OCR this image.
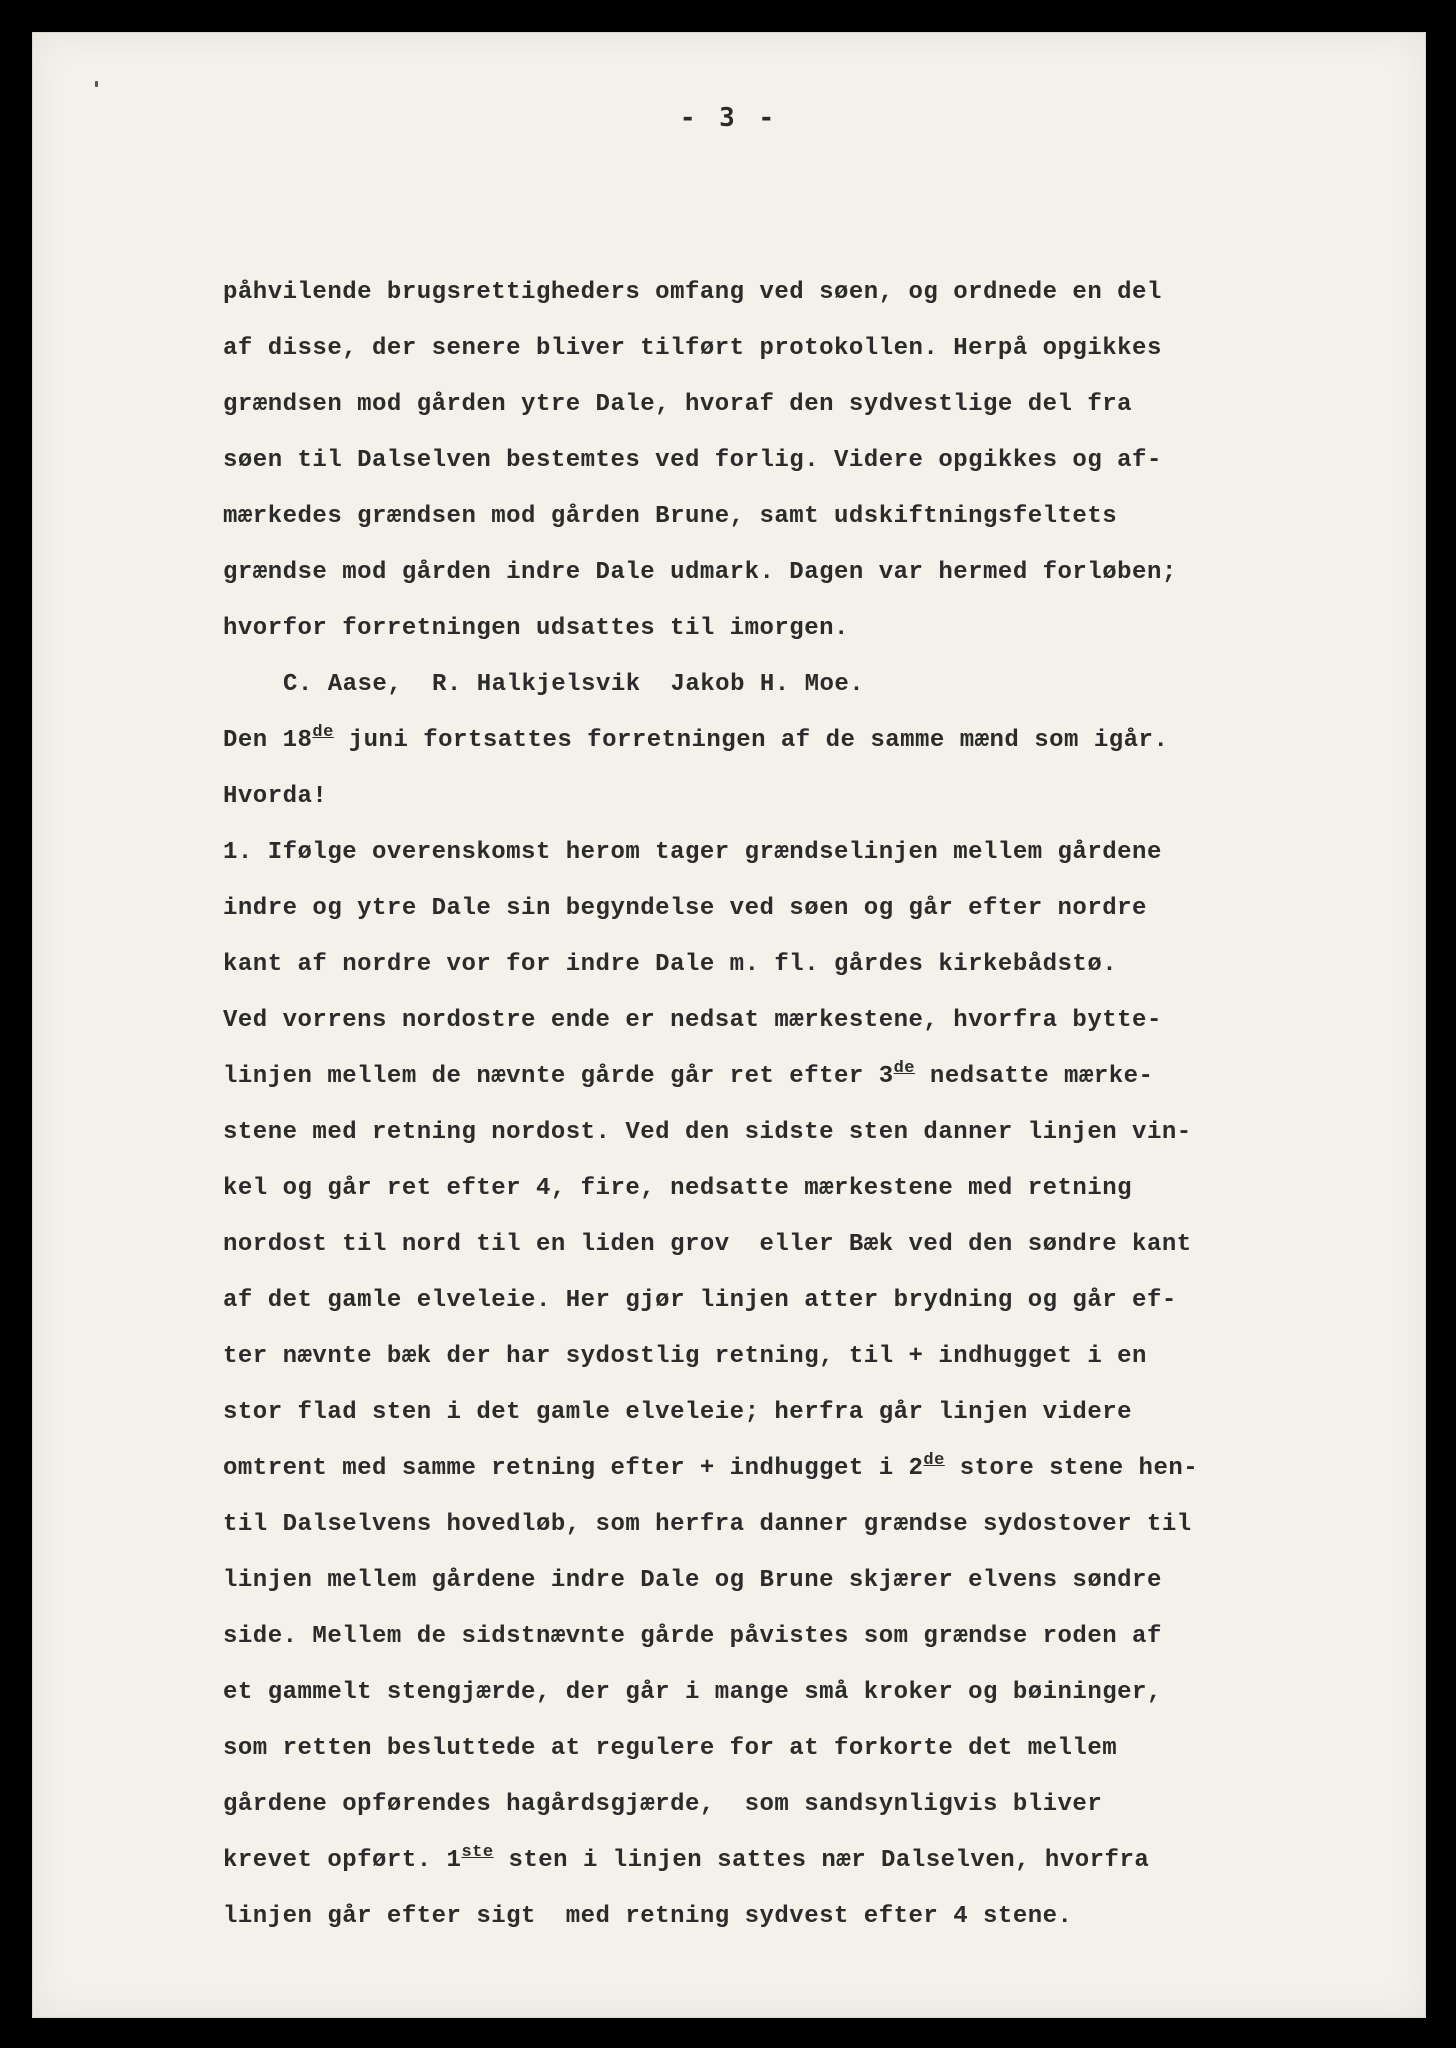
- 3 -
påhvilende brugsrettigheders omfang ved søen, og ordnede en del
af disse, der senere bliver tilført protokollen. Herpå opgikkes
grændsen mod gården ytre Dale, hvoraf den sydvestlige del fra
søen til Dalselven bestemtes ved forlig. Videre opgikkes og af-
mærkedes grændsen mod gården Brune, samt udskiftningsfeltets
grændse mod gården indre Dale udmark. Dagen var hermed forløben;
hvorfor forretningen udsattes til imorgen.
C. Aase,  R. Halkjelsvik  Jakob H. Moe.
Den 18de juni fortsattes forretningen af de samme mænd som igår.
Hvorda!
1. Ifølge overenskomst herom tager grændselinjen mellem gårdene
indre og ytre Dale sin begyndelse ved søen og går efter nordre
kant af nordre vor for indre Dale m. fl. gårdes kirkebådstø.
Ved vorrens nordostre ende er nedsat mærkestene, hvorfra bytte-
linjen mellem de nævnte gårde går ret efter 3de nedsatte mærke-
stene med retning nordost. Ved den sidste sten danner linjen vin-
kel og går ret efter 4, fire, nedsatte mærkestene med retning
nordost til nord til en liden grov  eller Bæk ved den søndre kant
af det gamle elveleie. Her gjør linjen atter brydning og går ef-
ter nævnte bæk der har sydostlig retning, til + indhugget i en
stor flad sten i det gamle elveleie; herfra går linjen videre
omtrent med samme retning efter + indhugget i 2de store stene hen-
til Dalselvens hovedløb, som herfra danner grændse sydostover til
linjen mellem gårdene indre Dale og Brune skjærer elvens søndre
side. Mellem de sidstnævnte gårde påvistes som grændse roden af
et gammelt stengjærde, der går i mange små kroker og bøininger,
som retten besluttede at regulere for at forkorte det mellem
gårdene opførendes hagårdsgjærde,  som sandsynligvis bliver
krevet opført. 1ste sten i linjen sattes nær Dalselven, hvorfra
linjen går efter sigt  med retning sydvest efter 4 stene.
